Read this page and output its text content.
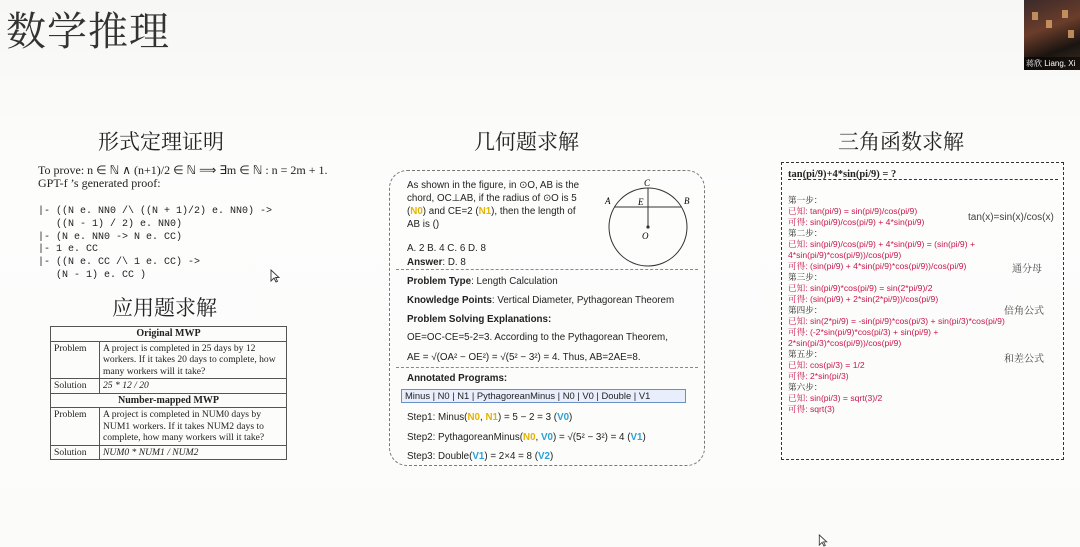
数学推理
蒋欣 Liang, Xi
形式定理证明	几何题求解	三角函数求解
应用题求解
To prove: n ∈ ℕ ∧ (n+1)/2 ∈ ℕ ⟹ ∃m ∈ ℕ : n = 2m + 1.
GPT-f ’s generated proof:

|- ((N e. NN0 /\ ((N + 1)/2) e. NN0) ->
((N - 1) / 2) e. NN0)
|- (N e. NN0 -> N e. CC)
|- 1 e. CC
|- ((N e. CC /\ 1 e. CC) ->
(N - 1) e. CC )

Original MWP	
Problem	A project is completed in 25 days by 12 workers. If it takes 20 days to complete, how many workers will it take?
Solution	25 * 12 / 20
Number-mapped MWP	
Problem	A project is completed in NUM0 days by NUM1 workers. If it takes NUM2 days to complete, how many workers will it take?
Solution	NUM0 * NUM1 / NUM2
As shown in the figure, in ⊙O, AB is the chord, OC⊥AB, if the radius of ⊙O is 5 (N0) and CE=2 (N1), then the length of AB is ()
A. 2 B. 4 C. 6 D. 8
Answer: D. 8
C
A	B
E
O
Problem Type: Length Calculation
Knowledge Points: Vertical Diameter, Pythagorean Theorem
Problem Solving Explanations:
OE=OC-CE=5-2=3. According to the Pythagorean Theorem,
AE = √(OA² − OE²) = √(5² − 3²) = 4. Thus, AB=2AE=8.
Annotated Programs:
Minus | N0 | N1 | PythagoreanMinus | N0 | V0 | Double | V1
Step1: Minus(N0, N1) = 5 − 2 = 3 (V0)
Step2: PythagoreanMinus(N0, V0) = √(5² − 3²) = 4 (V1)
Step3: Double(V1) = 2×4 = 8 (V2)
tan(pi/9)+4*sin(pi/9) = ?
第一步：
已知: tan(pi/9) = sin(pi/9)/cos(pi/9)
可得: sin(pi/9)/cos(pi/9) + 4*sin(pi/9)
第二步：
已知: sin(pi/9)/cos(pi/9) + 4*sin(pi/9) = (sin(pi/9) +
4*sin(pi/9)*cos(pi/9))/cos(pi/9)
可得: (sin(pi/9) + 4*sin(pi/9)*cos(pi/9))/cos(pi/9)
第三步：
已知: sin(pi/9)*cos(pi/9) = sin(2*pi/9)/2
可得: (sin(pi/9) + 2*sin(2*pi/9))/cos(pi/9)
第四步：
已知: sin(2*pi/9) = -sin(pi/9)*cos(pi/3) + sin(pi/3)*cos(pi/9)
可得: (-2*sin(pi/9)*cos(pi/3) + sin(pi/9) +
2*sin(pi/3)*cos(pi/9))/cos(pi/9)
第五步：
已知: cos(pi/3) = 1/2
可得: 2*sin(pi/3)
第六步：
已知: sin(pi/3) = sqrt(3)/2
可得: sqrt(3)
tan(x)=sin(x)/cos(x)
通分母
倍角公式
和差公式
